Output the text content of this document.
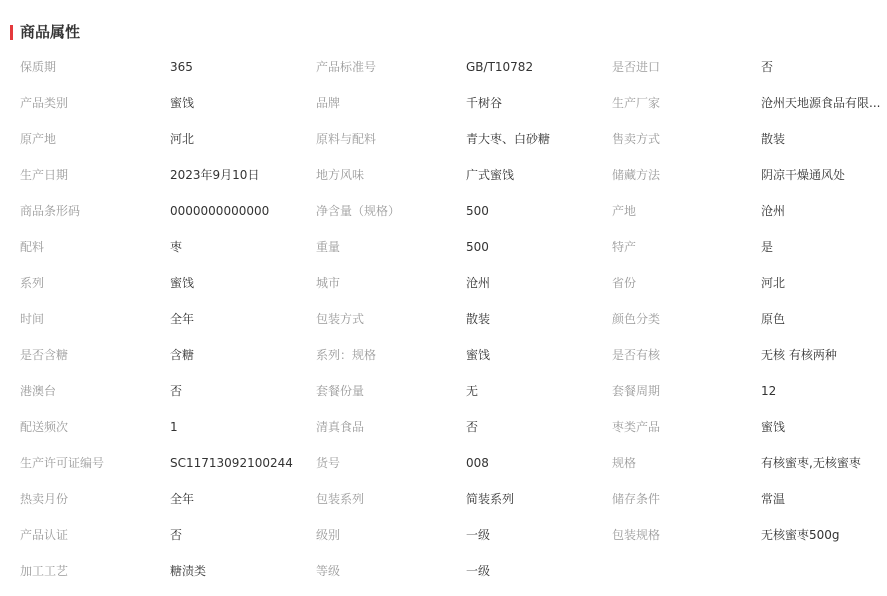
商品属性
保质期	365	产品标准号	GB/T10782	是否进口	否
产品类别	蜜饯	品牌	千树谷	生产厂家	沧州天地源食品有限...
原产地	河北	原料与配料	青大枣、白砂糖	售卖方式	散装
生产日期	2023年9月10日	地方风味	广式蜜饯	储藏方法	阴凉干燥通风处
商品条形码	0000000000000	净含量（规格）	500	产地	沧州
配料	枣	重量	500	特产	是
系列	蜜饯	城市	沧州	省份	河北
时间	全年	包装方式	散装	颜色分类	原色
是否含糖	含糖	系列：规格	蜜饯	是否有核	无核 有核两种
港澳台	否	套餐份量	无	套餐周期	12
配送频次	1	清真食品	否	枣类产品	蜜饯
生产许可证编号	SC11713092100244	货号	008	规格	有核蜜枣,无核蜜枣
热卖月份	全年	包装系列	简装系列	储存条件	常温
产品认证	否	级别	一级	包装规格	无核蜜枣500g
加工工艺	糖渍类	等级	一级
